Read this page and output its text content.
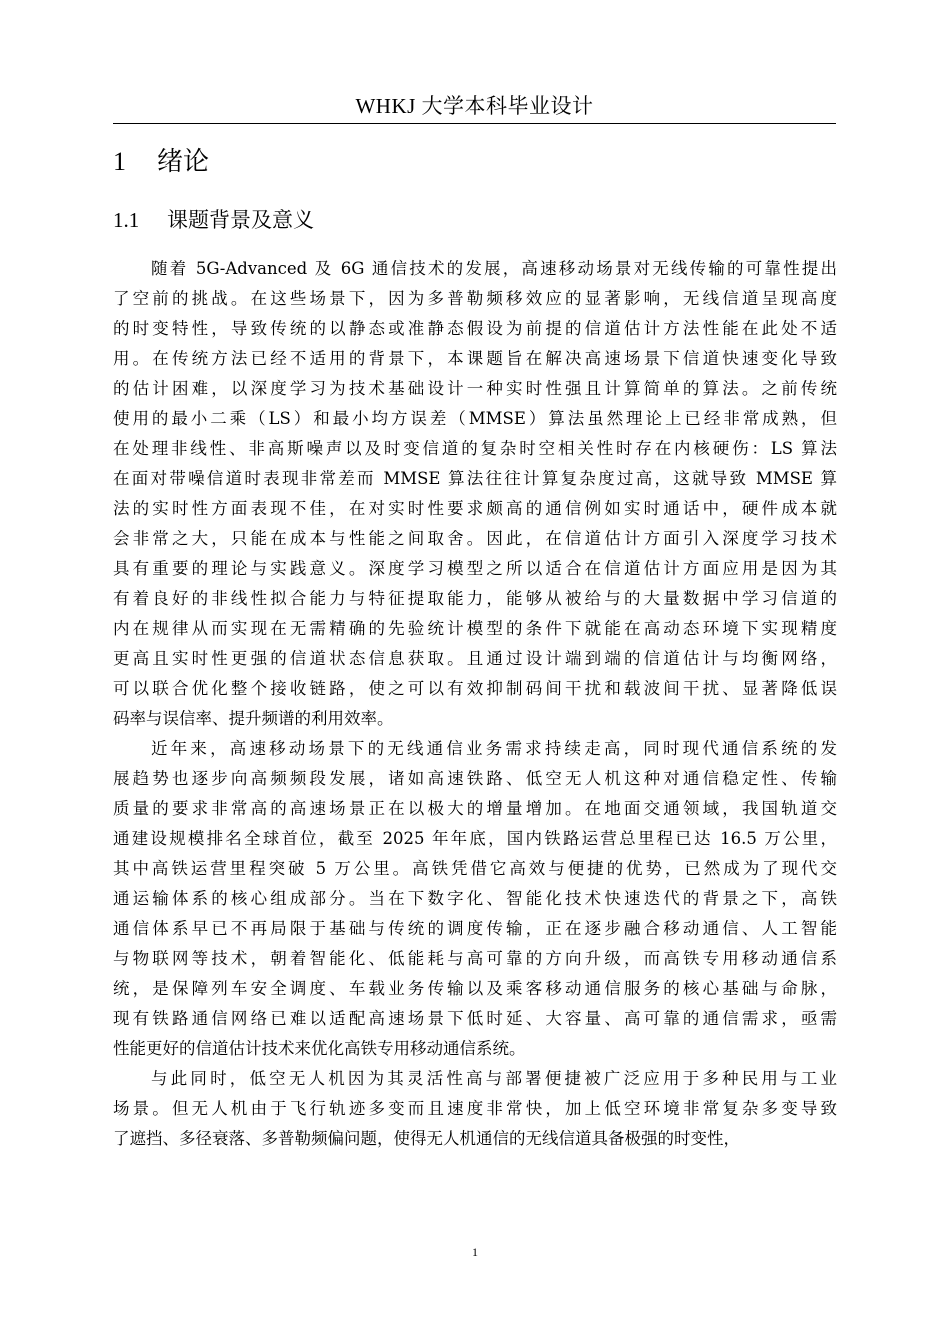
WHKJ 大学本科毕业设计
1 绪论
1.1 课题背景及意义
随着 5G-Advanced 及 6G 通信技术的发展，高速移动场景对无线传输的可靠性提出
了空前的挑战。在这些场景下，因为多普勒频移效应的显著影响，无线信道呈现高度
的时变特性，导致传统的以静态或准静态假设为前提的信道估计方法性能在此处不适
用。在传统方法已经不适用的背景下，本课题旨在解决高速场景下信道快速变化导致
的估计困难，以深度学习为技术基础设计一种实时性强且计算简单的算法。之前传统
使用的最小二乘（LS）和最小均方误差（MMSE）算法虽然理论上已经非常成熟，但
在处理非线性、非高斯噪声以及时变信道的复杂时空相关性时存在内核硬伤：LS 算法
在面对带噪信道时表现非常差而 MMSE 算法往往计算复杂度过高，这就导致 MMSE 算
法的实时性方面表现不佳，在对实时性要求颇高的通信例如实时通话中，硬件成本就
会非常之大，只能在成本与性能之间取舍。因此，在信道估计方面引入深度学习技术
具有重要的理论与实践意义。深度学习模型之所以适合在信道估计方面应用是因为其
有着良好的非线性拟合能力与特征提取能力，能够从被给与的大量数据中学习信道的
内在规律从而实现在无需精确的先验统计模型的条件下就能在高动态环境下实现精度
更高且实时性更强的信道状态信息获取。且通过设计端到端的信道估计与均衡网络，
可以联合优化整个接收链路，使之可以有效抑制码间干扰和载波间干扰、显著降低误
码率与误信率、提升频谱的利用效率。
近年来，高速移动场景下的无线通信业务需求持续走高，同时现代通信系统的发
展趋势也逐步向高频频段发展，诸如高速铁路、低空无人机这种对通信稳定性、传输
质量的要求非常高的高速场景正在以极大的增量增加。在地面交通领域，我国轨道交
通建设规模排名全球首位，截至 2025 年年底，国内铁路运营总里程已达 16.5 万公里，
其中高铁运营里程突破 5 万公里。高铁凭借它高效与便捷的优势，已然成为了现代交
通运输体系的核心组成部分。当在下数字化、智能化技术快速迭代的背景之下，高铁
通信体系早已不再局限于基础与传统的调度传输，正在逐步融合移动通信、人工智能
与物联网等技术，朝着智能化、低能耗与高可靠的方向升级，而高铁专用移动通信系
统，是保障列车安全调度、车载业务传输以及乘客移动通信服务的核心基础与命脉，
现有铁路通信网络已难以适配高速场景下低时延、大容量、高可靠的通信需求，亟需
性能更好的信道估计技术来优化高铁专用移动通信系统。
与此同时，低空无人机因为其灵活性高与部署便捷被广泛应用于多种民用与工业
场景。但无人机由于飞行轨迹多变而且速度非常快，加上低空环境非常复杂多变导致
了遮挡、多径衰落、多普勒频偏问题，使得无人机通信的无线信道具备极强的时变性，
1
